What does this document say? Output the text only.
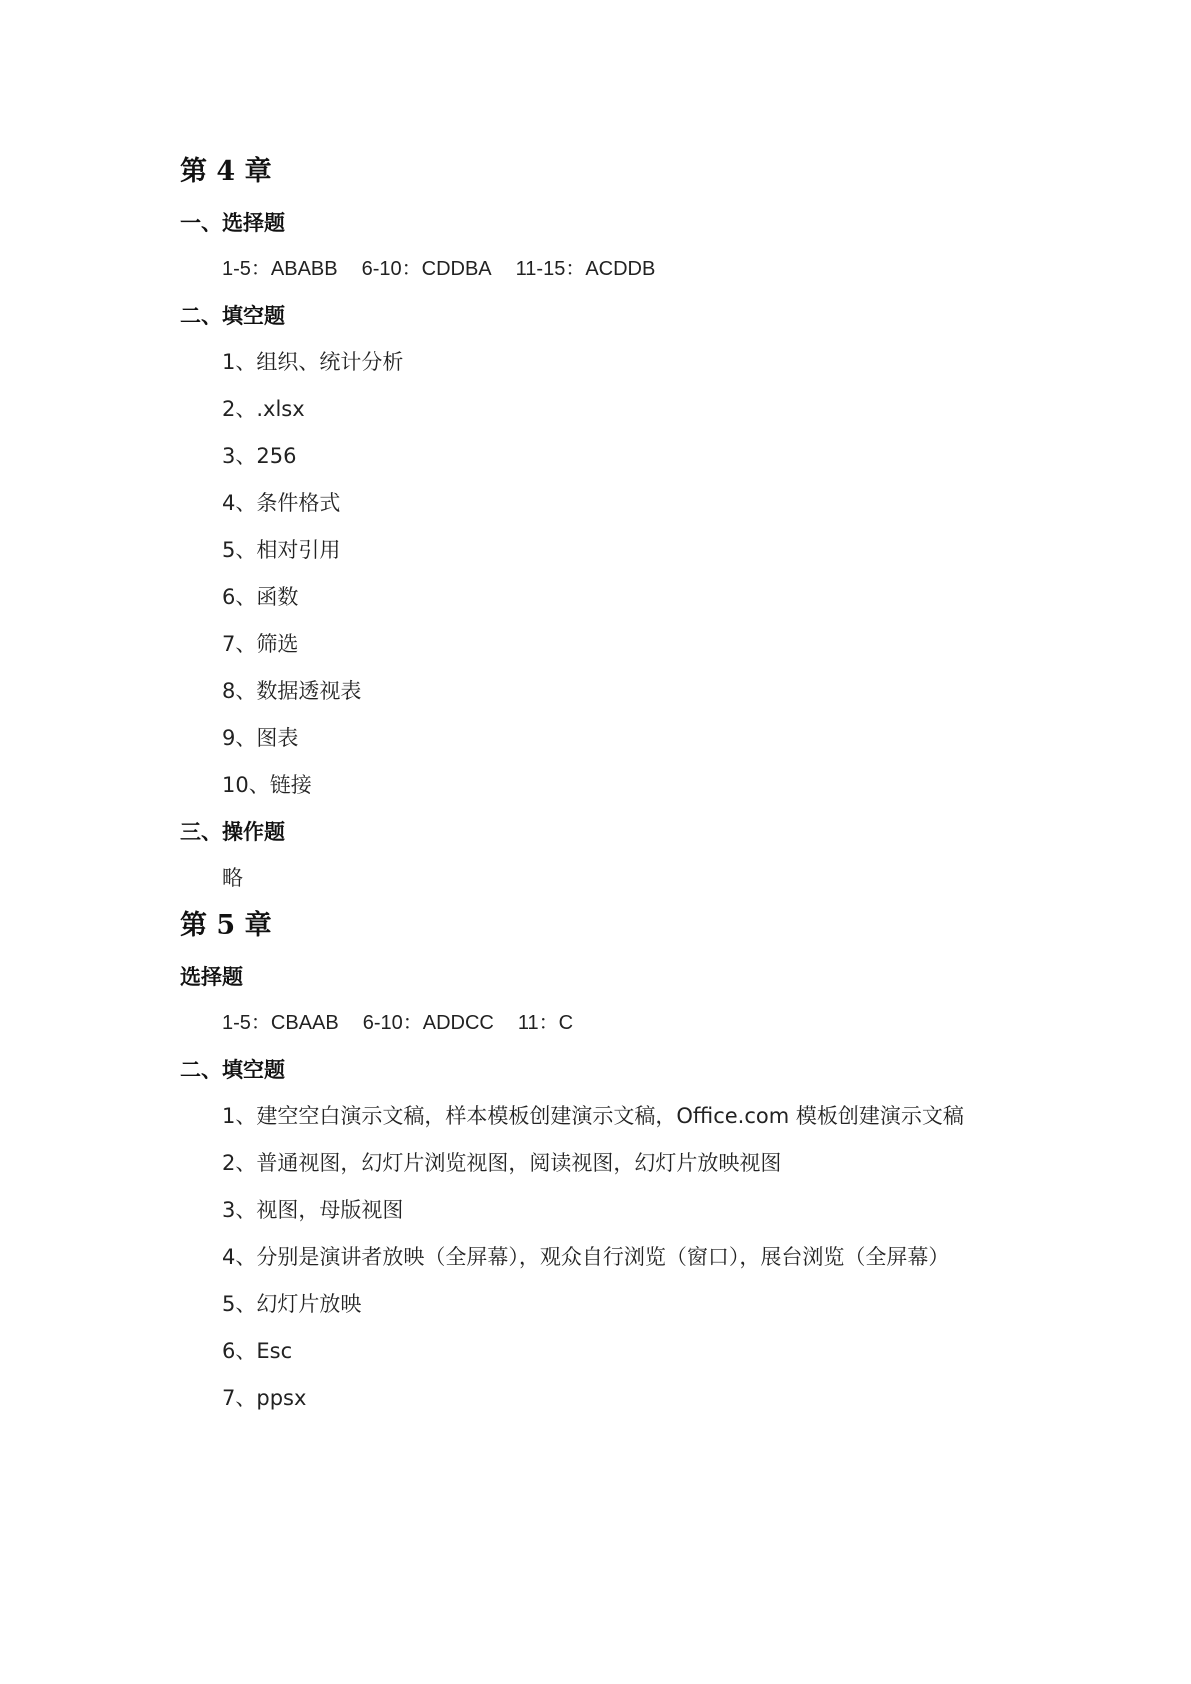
第 4 章
一、选择题
1-5：ABABB 6-10：CDDBA 11-15：ACDDB
二、填空题
1、组织、统计分析
2、.xlsx
3、256
4、条件格式
5、相对引用
6、函数
7、筛选
8、数据透视表
9、图表
10、链接
三、操作题
略
第 5 章
选择题
1-5：CBAAB 6-10：ADDCC 11：C
二、填空题

1、建空空白演示文稿，样本模板创建演示文稿，Office.com 模板创建演示文稿

2、普通视图，幻灯片浏览视图，阅读视图，幻灯片放映视图
3、视图，母版视图

4、分别是演讲者放映（全屏幕），观众自行浏览（窗口），展台浏览（全屏幕）

5、幻灯片放映
6、Esc
7、ppsx
